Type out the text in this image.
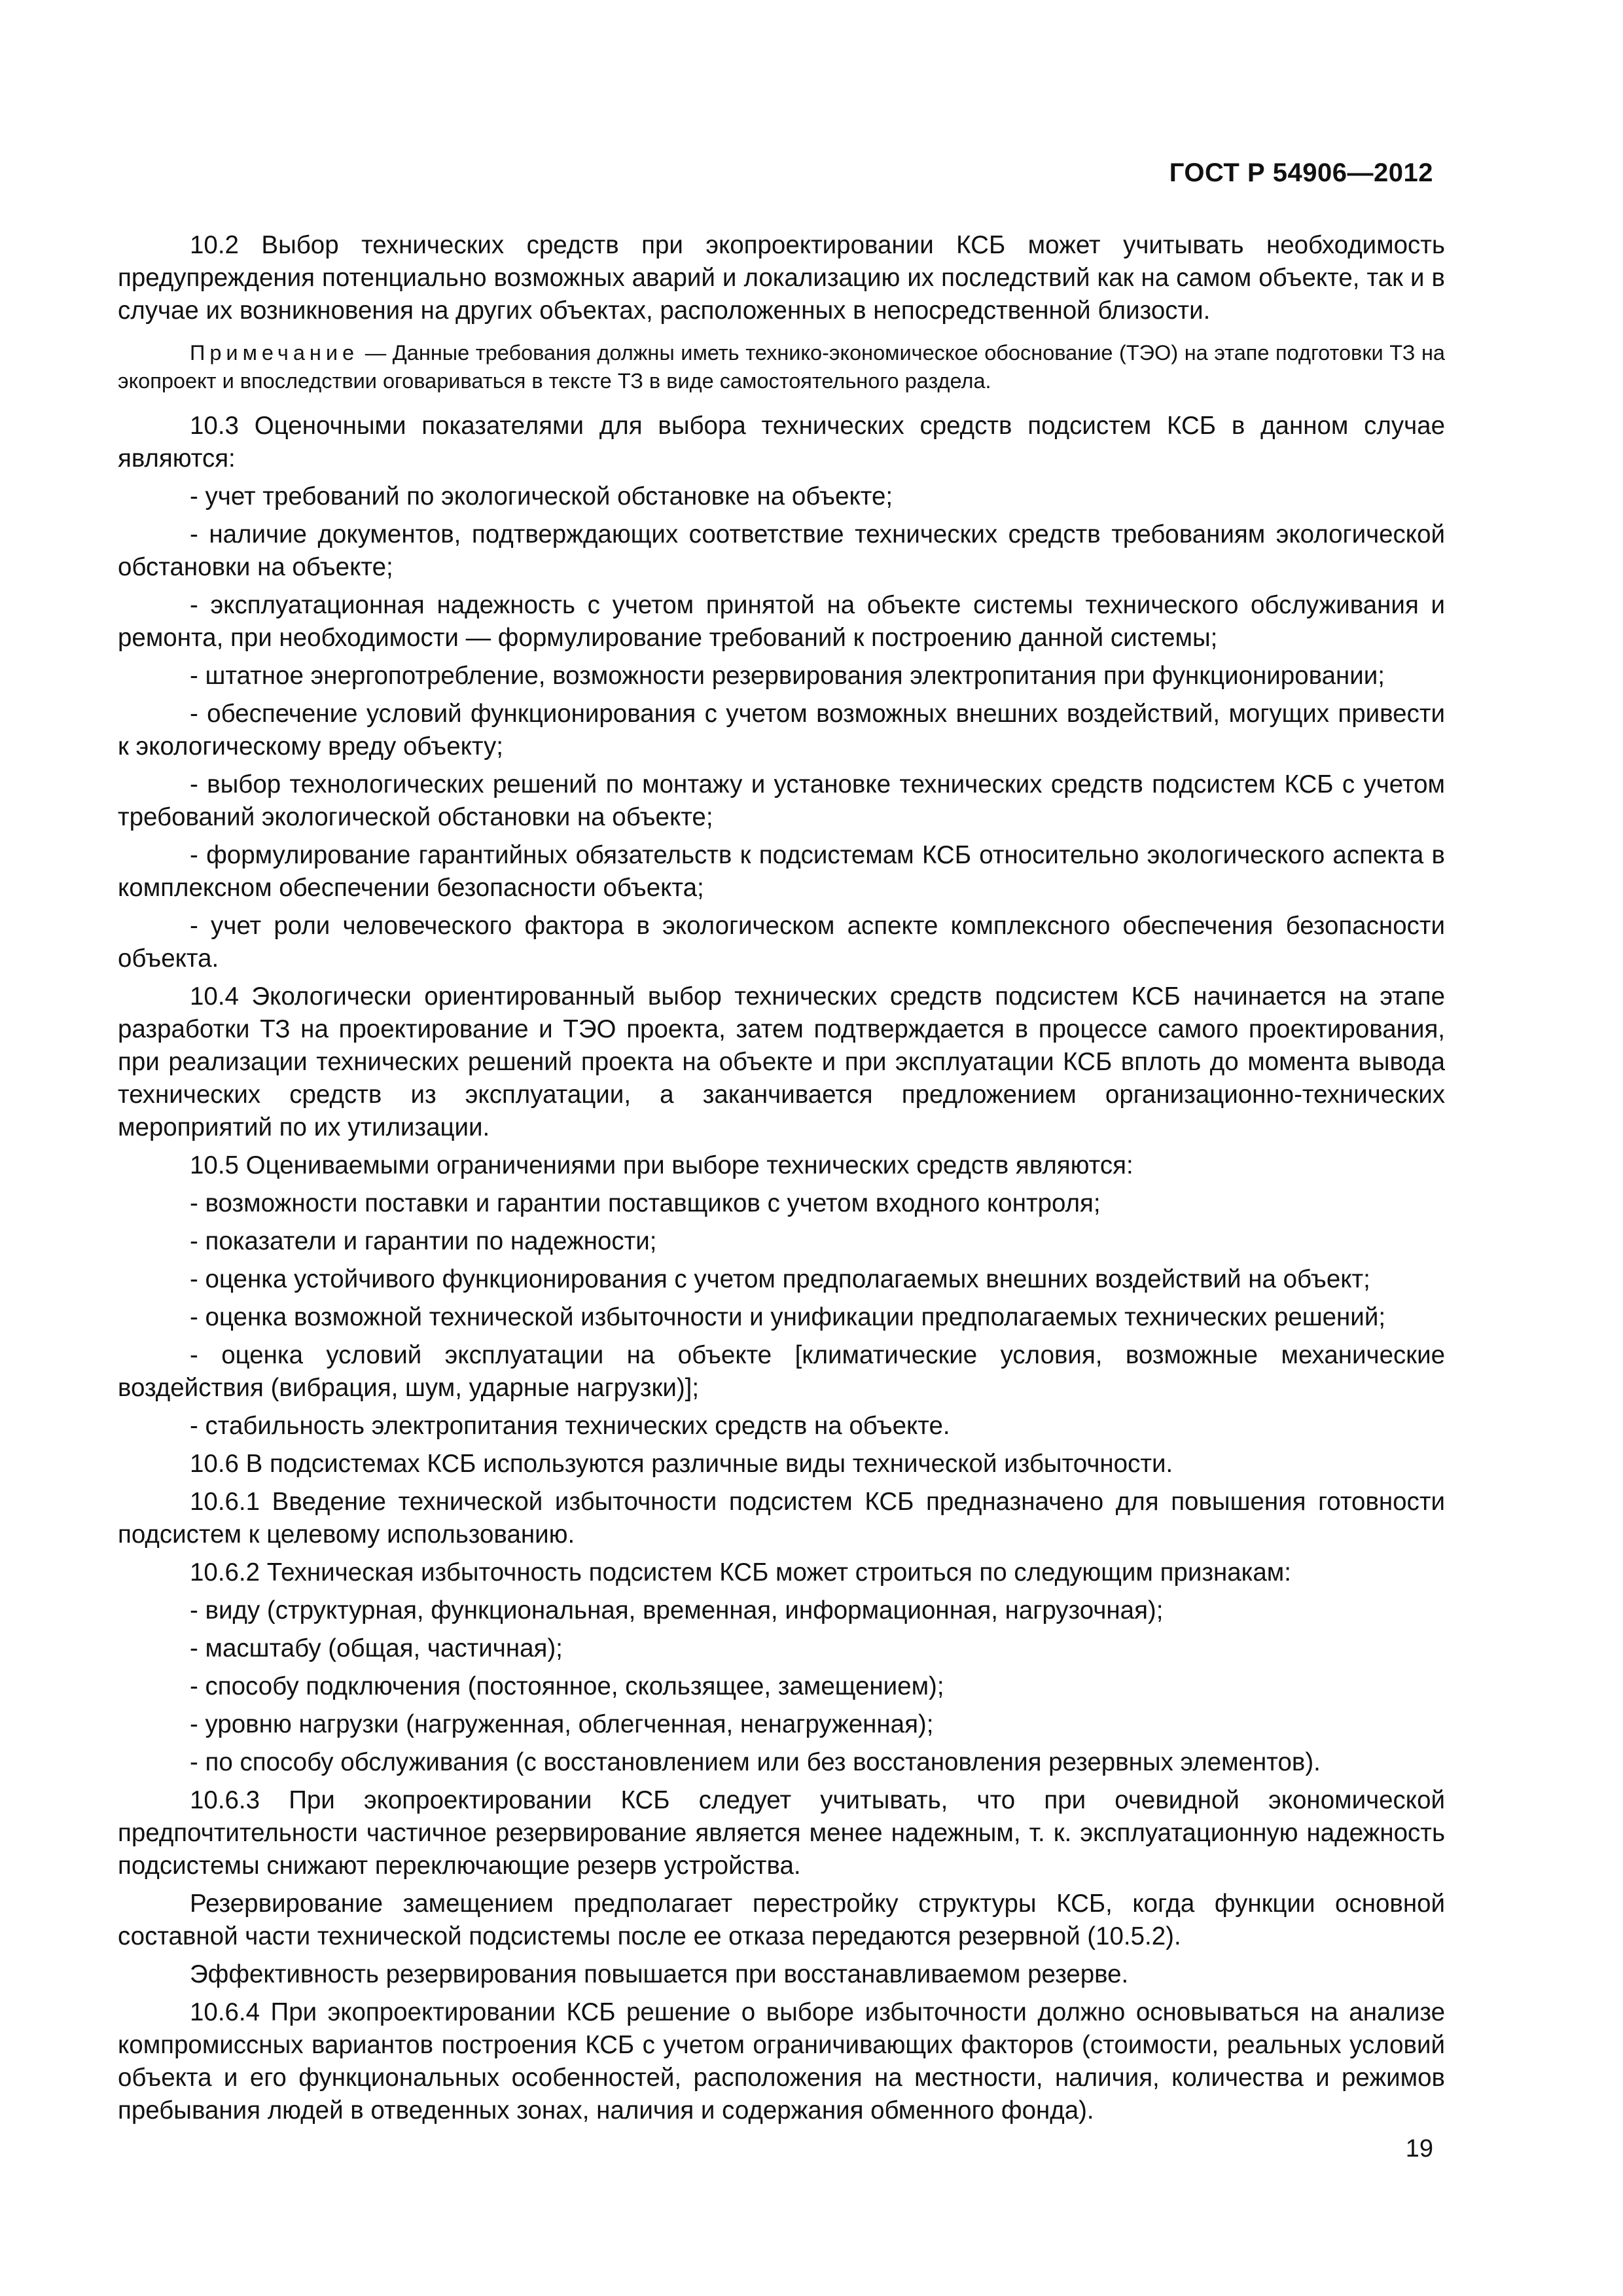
ГОСТ Р 54906—2012

10.2 Выбор технических средств при экопроектировании КСБ может учитывать необходимость предупреждения потенциально возможных аварий и локализацию их последствий как на самом объекте, так и в случае их возникновения на других объектах, расположенных в непосредственной близости.

Примечание — Данные требования должны иметь технико-экономическое обоснование (ТЭО) на этапе подготовки ТЗ на экопроект и впоследствии оговариваться в тексте ТЗ в виде самостоятельного раздела.

10.3 Оценочными показателями для выбора технических средств подсистем КСБ в данном случае являются:

- учет требований по экологической обстановке на объекте;

- наличие документов, подтверждающих соответствие технических средств требованиям экологической обстановки на объекте;

- эксплуатационная надежность с учетом принятой на объекте системы технического обслуживания и ремонта, при необходимости — формулирование требований к построению данной системы;

- штатное энергопотребление, возможности резервирования электропитания при функционировании;

- обеспечение условий функционирования с учетом возможных внешних воздействий, могущих привести к экологическому вреду объекту;

- выбор технологических решений по монтажу и установке технических средств подсистем КСБ с учетом требований экологической обстановки на объекте;

- формулирование гарантийных обязательств к подсистемам КСБ относительно экологического аспекта в комплексном обеспечении безопасности объекта;

- учет роли человеческого фактора в экологическом аспекте комплексного обеспечения безопасности объекта.

10.4 Экологически ориентированный выбор технических средств подсистем КСБ начинается на этапе разработки ТЗ на проектирование и ТЭО проекта, затем подтверждается в процессе самого проектирования, при реализации технических решений проекта на объекте и при эксплуатации КСБ вплоть до момента вывода технических средств из эксплуатации, а заканчивается предложением организационно-технических мероприятий по их утилизации.

10.5 Оцениваемыми ограничениями при выборе технических средств являются:

- возможности поставки и гарантии поставщиков с учетом входного контроля;

- показатели и гарантии по надежности;

- оценка устойчивого функционирования с учетом предполагаемых внешних воздействий на объект;

- оценка возможной технической избыточности и унификации предполагаемых технических решений;

- оценка условий эксплуатации на объекте [климатические условия, возможные механические воздействия (вибрация, шум, ударные нагрузки)];

- стабильность электропитания технических средств на объекте.

10.6 В подсистемах КСБ используются различные виды технической избыточности.

10.6.1 Введение технической избыточности подсистем КСБ предназначено для повышения готовности подсистем к целевому использованию.

10.6.2 Техническая избыточность подсистем КСБ может строиться по следующим признакам:

- виду (структурная, функциональная, временная, информационная, нагрузочная);

- масштабу (общая, частичная);

- способу подключения (постоянное, скользящее, замещением);

- уровню нагрузки (нагруженная, облегченная, ненагруженная);

- по способу обслуживания (с восстановлением или без восстановления резервных элементов).

10.6.3 При экопроектировании КСБ следует учитывать, что при очевидной экономической предпочтительности частичное резервирование является менее надежным, т. к. эксплуатационную надежность подсистемы снижают переключающие резерв устройства.

Резервирование замещением предполагает перестройку структуры КСБ, когда функции основной составной части технической подсистемы после ее отказа передаются резервной (10.5.2).

Эффективность резервирования повышается при восстанавливаемом резерве.

10.6.4 При экопроектировании КСБ решение о выборе избыточности должно основываться на анализе компромиссных вариантов построения КСБ с учетом ограничивающих факторов (стоимости, реальных условий объекта и его функциональных особенностей, расположения на местности, наличия, количества и режимов пребывания людей в отведенных зонах, наличия и содержания обменного фонда).

19
